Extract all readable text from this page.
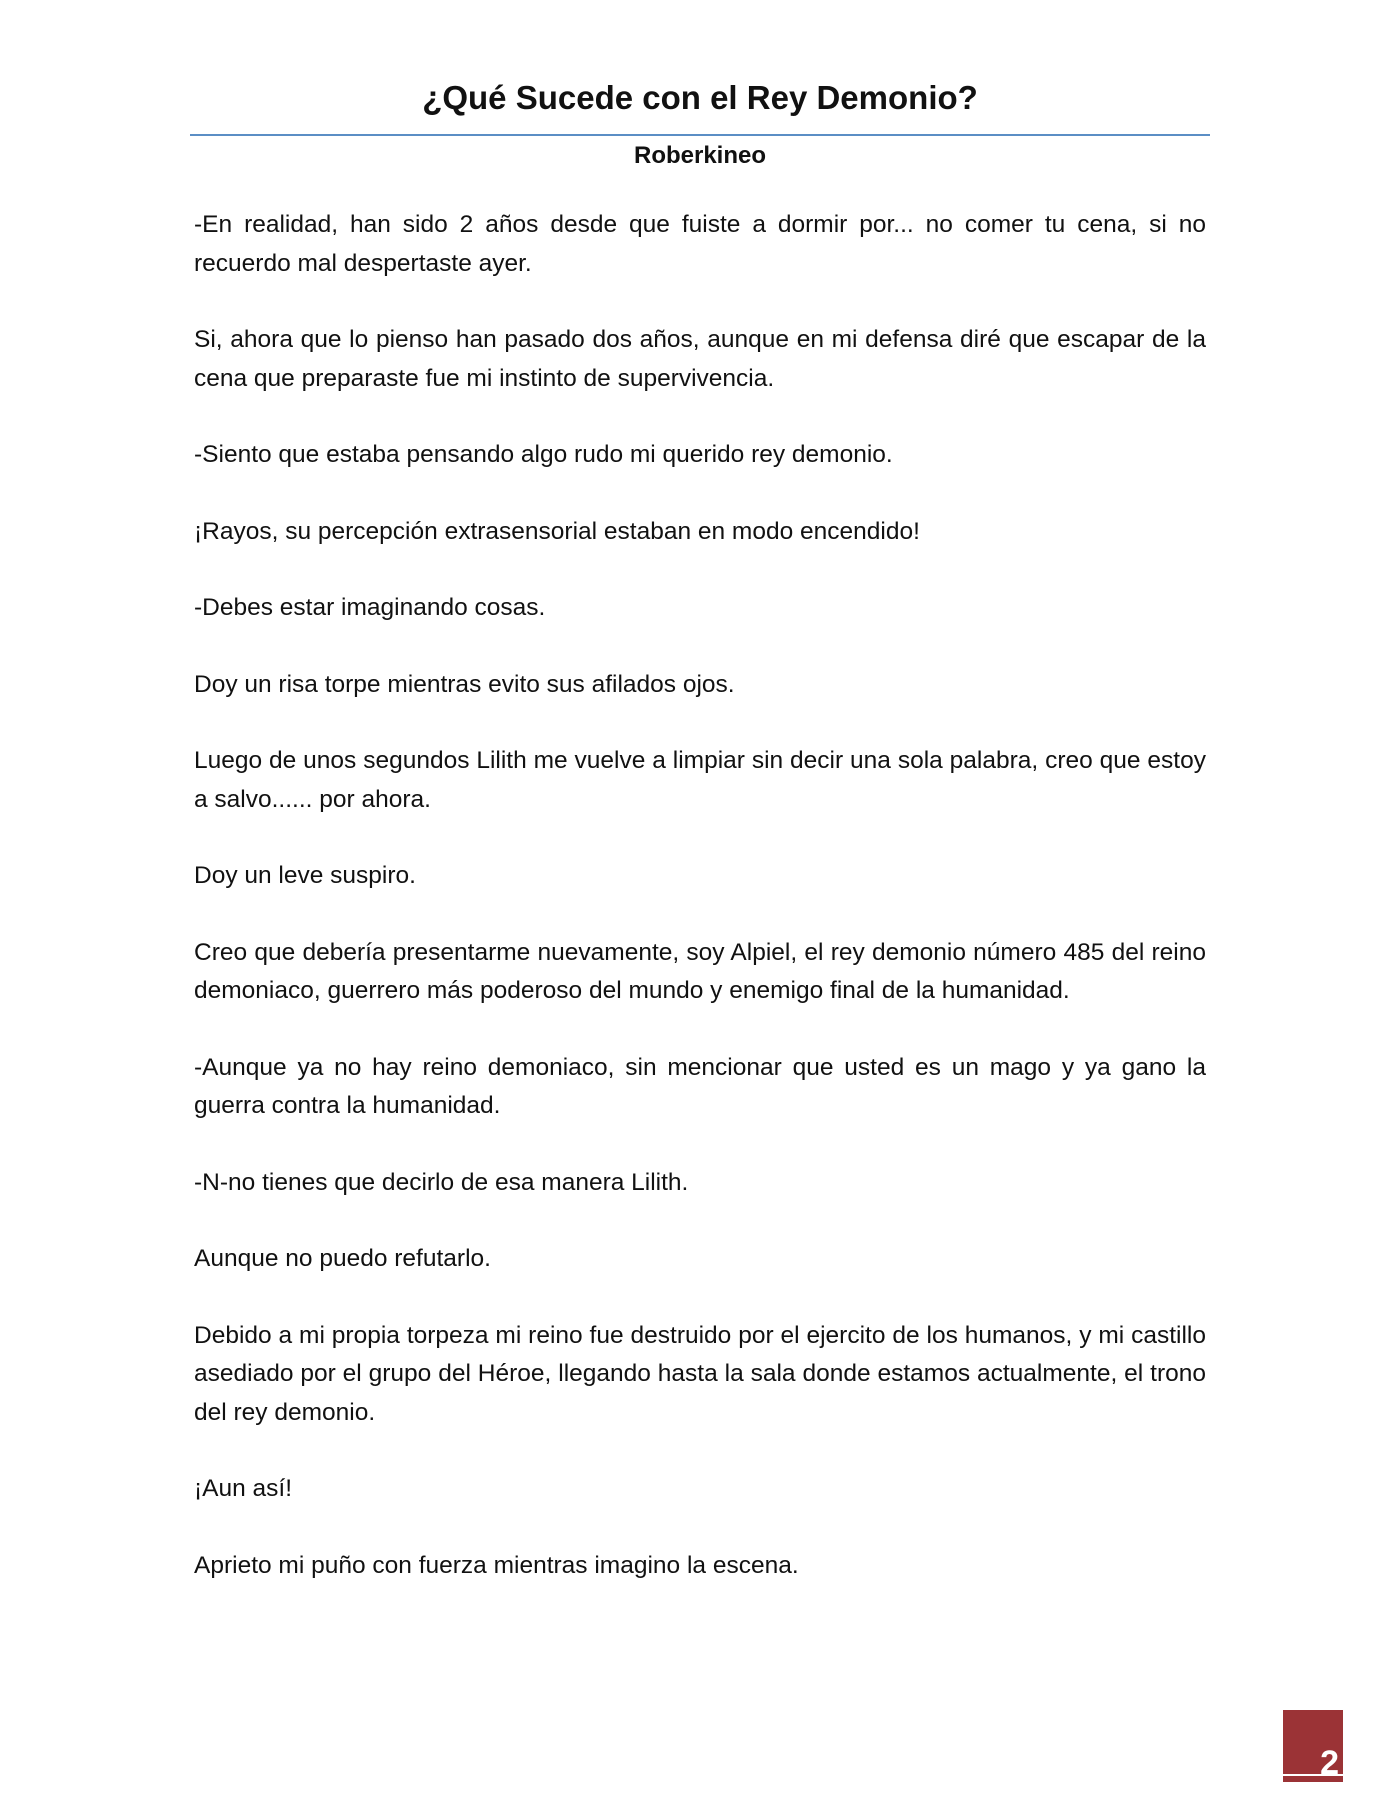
¿Qué Sucede con el Rey Demonio?
Roberkineo

-En realidad, han sido 2 años desde que fuiste a dormir por... no comer tu cena, si no recuerdo mal despertaste ayer.

Si, ahora que lo pienso han pasado dos años, aunque en mi defensa diré que escapar de la cena que preparaste fue mi instinto de supervivencia.

-Siento que estaba pensando algo rudo mi querido rey demonio.

¡Rayos, su percepción extrasensorial estaban en modo encendido!

-Debes estar imaginando cosas.

Doy un risa torpe mientras evito sus afilados ojos.

Luego de unos segundos Lilith me vuelve a limpiar sin decir una sola palabra, creo que estoy a salvo...... por ahora.

Doy un leve suspiro.

Creo que debería presentarme nuevamente, soy Alpiel, el rey demonio número 485 del reino demoniaco, guerrero más poderoso del mundo y enemigo final de la humanidad.

-Aunque ya no hay reino demoniaco, sin mencionar que usted es un mago y ya gano la guerra contra la humanidad.

-N-no tienes que decirlo de esa manera Lilith.

Aunque no puedo refutarlo.

Debido a mi propia torpeza mi reino fue destruido por el ejercito de los humanos, y mi castillo asediado por el grupo del Héroe, llegando hasta la sala donde estamos actualmente, el trono del rey demonio.

¡Aun así!

Aprieto mi puño con fuerza mientras imagino la escena.

2
